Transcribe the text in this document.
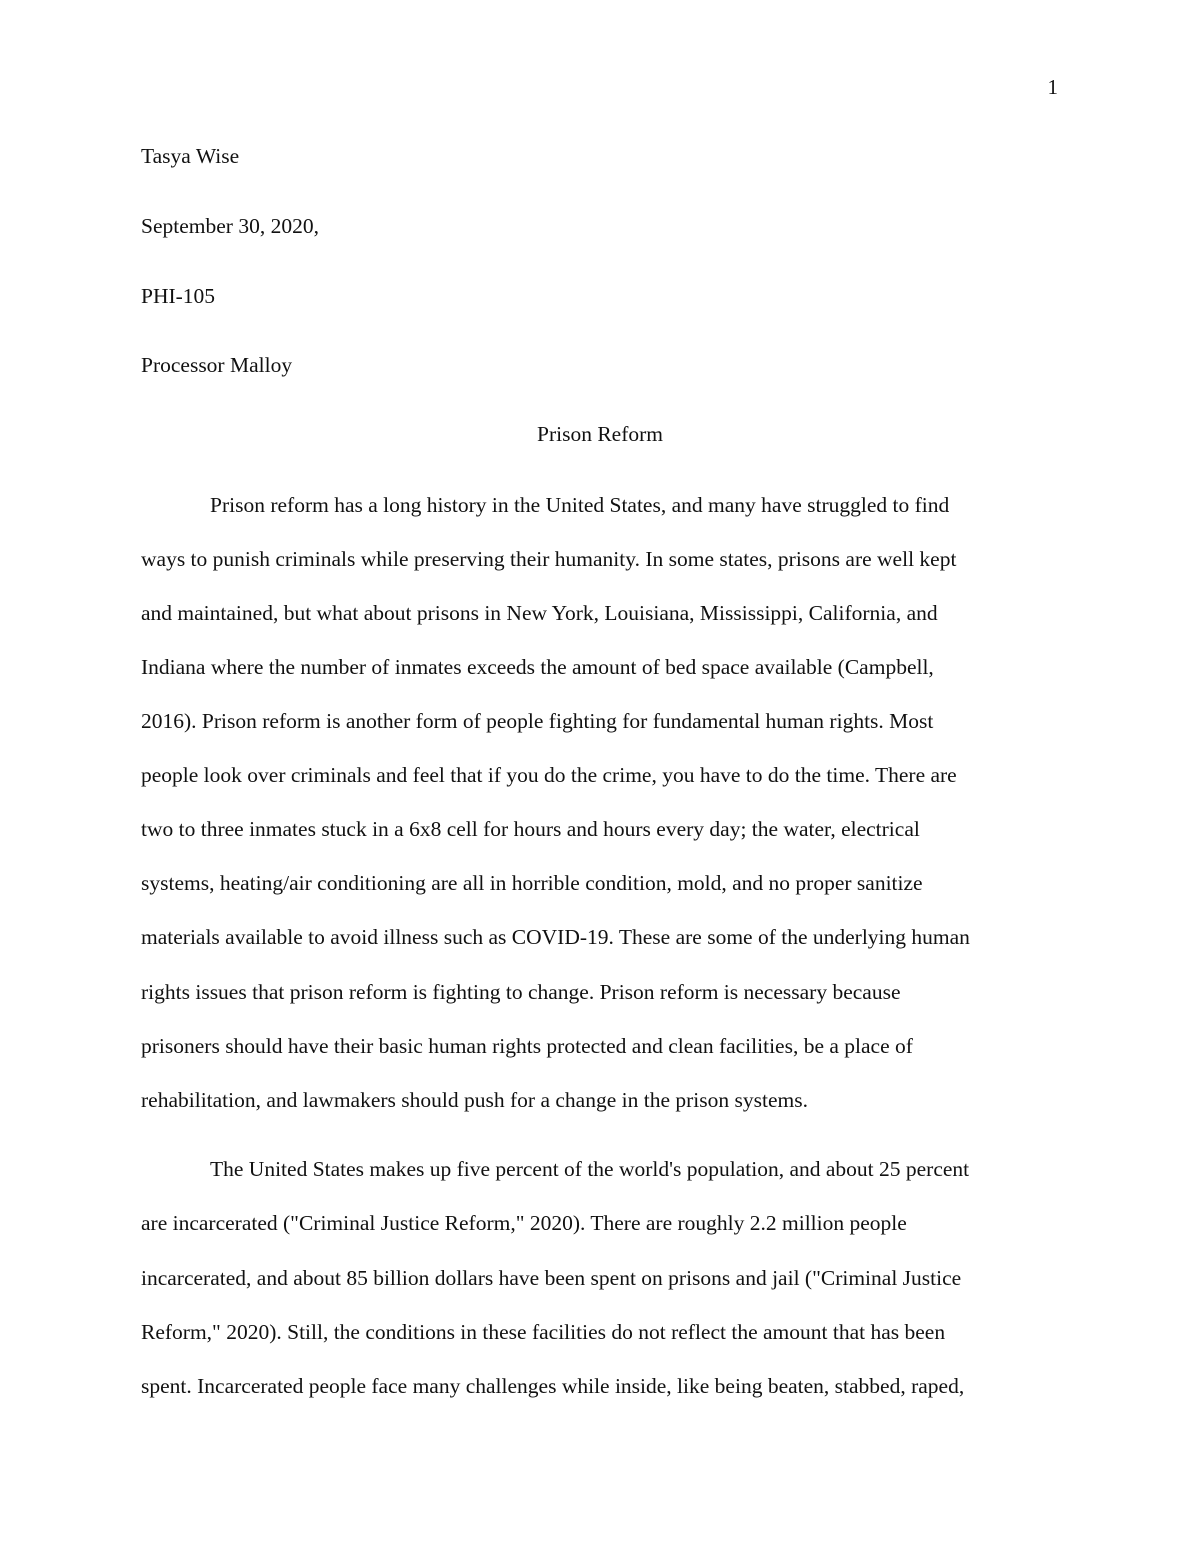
1
Tasya Wise
September 30, 2020,
PHI-105
Processor Malloy
Prison Reform
Prison reform has a long history in the United States, and many have struggled to find
ways to punish criminals while preserving their humanity. In some states, prisons are well kept
and maintained, but what about prisons in New York, Louisiana, Mississippi, California, and
Indiana where the number of inmates exceeds the amount of bed space available (Campbell,
2016). Prison reform is another form of people fighting for fundamental human rights. Most
people look over criminals and feel that if you do the crime, you have to do the time. There are
two to three inmates stuck in a 6x8 cell for hours and hours every day; the water, electrical
systems, heating/air conditioning are all in horrible condition, mold, and no proper sanitize
materials available to avoid illness such as COVID-19. These are some of the underlying human
rights issues that prison reform is fighting to change. Prison reform is necessary because
prisoners should have their basic human rights protected and clean facilities, be a place of
rehabilitation, and lawmakers should push for a change in the prison systems.
The United States makes up five percent of the world's population, and about 25 percent
are incarcerated ("Criminal Justice Reform," 2020). There are roughly 2.2 million people
incarcerated, and about 85 billion dollars have been spent on prisons and jail ("Criminal Justice
Reform," 2020). Still, the conditions in these facilities do not reflect the amount that has been
spent. Incarcerated people face many challenges while inside, like being beaten, stabbed, raped,
